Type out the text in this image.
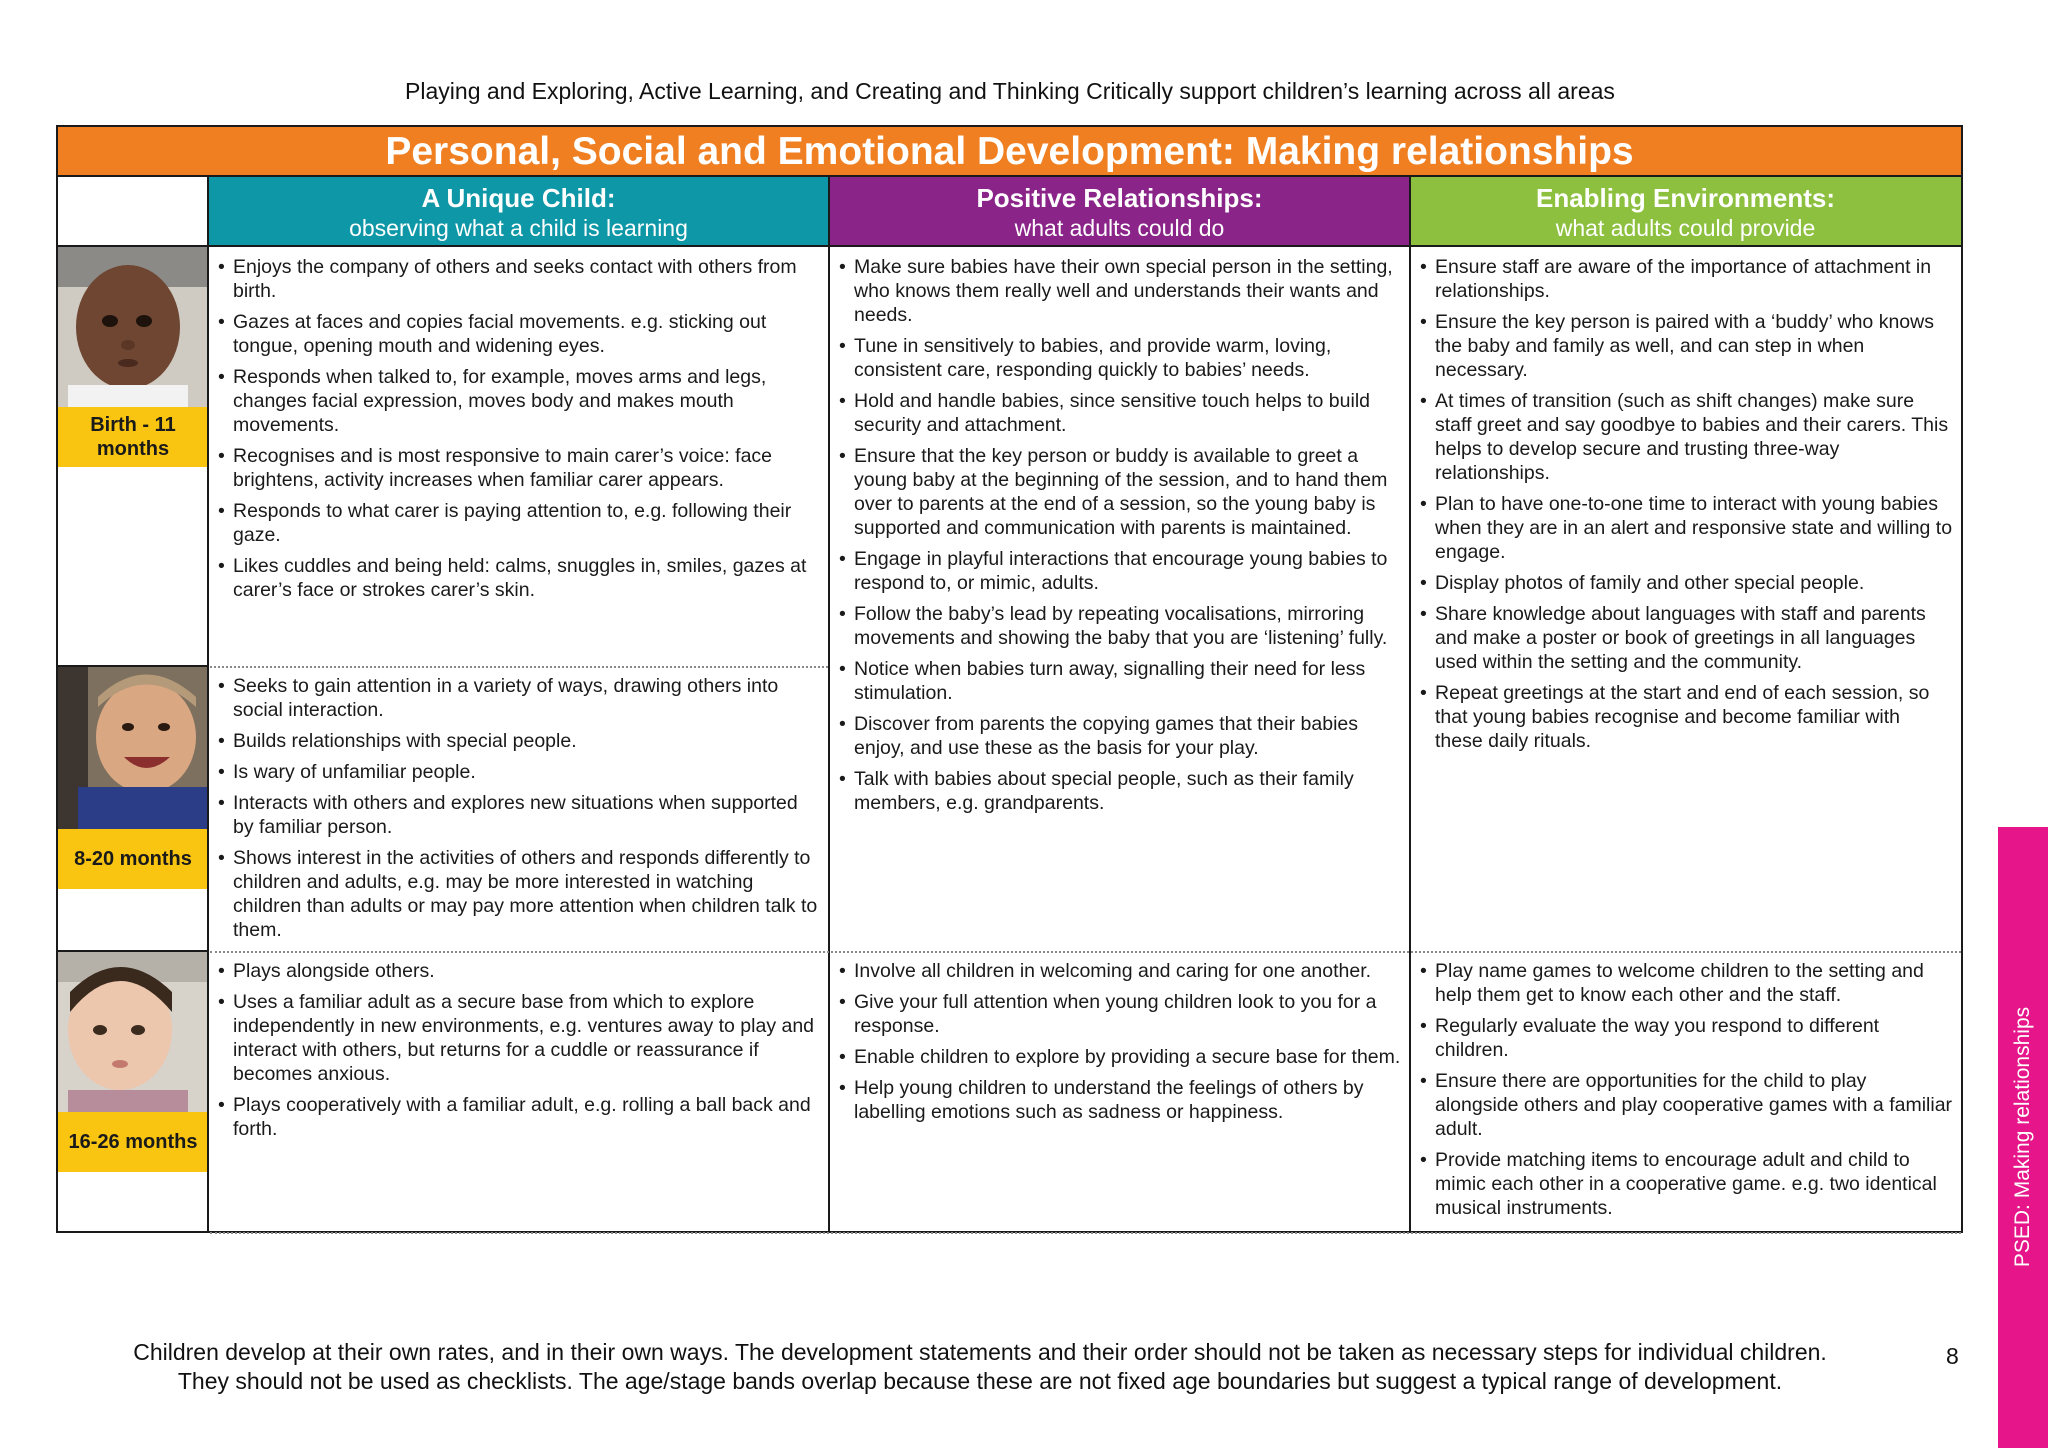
Playing and Exploring, Active Learning, and Creating and Thinking Critically support children’s learning across all areas
Personal, Social and Emotional Development: Making relationships
A Unique Child:
observing what a child is learning
Positive Relationships:
what adults could do
Enabling Environments:
what adults could provide
Birth - 11 months
8-20 months
16-26 months
• Enjoys the company of others and seeks contact with others from birth.
• Gazes at faces and copies facial movements. e.g. sticking out tongue, opening mouth and widening eyes.
• Responds when talked to, for example, moves arms and legs, changes facial expression, moves body and makes mouth movements.
• Recognises and is most responsive to main carer’s voice: face brightens, activity increases when familiar carer appears.
• Responds to what carer is paying attention to, e.g. following their gaze.
• Likes cuddles and being held: calms, snuggles in, smiles, gazes at carer’s face or strokes carer’s skin.
• Seeks to gain attention in a variety of ways, drawing others into social interaction.
• Builds relationships with special people.
• Is wary of unfamiliar people.
• Interacts with others and explores new situations when supported by familiar person.
• Shows interest in the activities of others and responds differently to children and adults, e.g. may be more interested in watching children than adults or may pay more attention when children talk to them.
• Plays alongside others.
• Uses a familiar adult as a secure base from which to explore independently in new environments, e.g. ventures away to play and interact with others, but returns for a cuddle or reassurance if becomes anxious.
• Plays cooperatively with a familiar adult, e.g. rolling a ball back and forth.
• Make sure babies have their own special person in the setting, who knows them really well and understands their wants and needs.
• Tune in sensitively to babies, and provide warm, loving, consistent care, responding quickly to babies’ needs.
• Hold and handle babies, since sensitive touch helps to build security and attachment.
• Ensure that the key person or buddy is available to greet a young baby at the beginning of the session, and to hand them over to parents at the end of a session, so the young baby is supported and communication with parents is maintained.
• Engage in playful interactions that encourage young babies to respond to, or mimic, adults.
• Follow the baby’s lead by repeating vocalisations, mirroring movements and showing the baby that you are ‘listening’ fully.
• Notice when babies turn away, signalling their need for less stimulation.
• Discover from parents the copying games that their babies enjoy, and use these as the basis for your play.
• Talk with babies about special people, such as their family members, e.g. grandparents.
• Involve all children in welcoming and caring for one another.
• Give your full attention when young children look to you for a response.
• Enable children to explore by providing a secure base for them.
• Help young children to understand the feelings of others by labelling emotions such as sadness or happiness.
• Ensure staff are aware of the importance of attachment in relationships.
• Ensure the key person is paired with a ‘buddy’ who knows the baby and family as well, and can step in when necessary.
• At times of transition (such as shift changes) make sure staff greet and say goodbye to babies and their carers. This helps to develop secure and trusting three-way relationships.
• Plan to have one-to-one time to interact with young babies when they are in an alert and responsive state and willing to engage.
• Display photos of family and other special people.
• Share knowledge about languages with staff and parents and make a poster or book of greetings in all languages used within the setting and the community.
• Repeat greetings at the start and end of each session, so that young babies recognise and become familiar with these daily rituals.
• Play name games to welcome children to the setting and help them get to know each other and the staff.
• Regularly evaluate the way you respond to different children.
• Ensure there are opportunities for the child to play alongside others and play cooperative games with a familiar adult.
• Provide matching items to encourage adult and child to mimic each other in a cooperative game. e.g. two identical musical instruments.
Children develop at their own rates, and in their own ways. The development statements and their order should not be taken as necessary steps for individual children.
They should not be used as checklists. The age/stage bands overlap because these are not fixed age boundaries but suggest a typical range of development.
8
PSED: Making relationships
